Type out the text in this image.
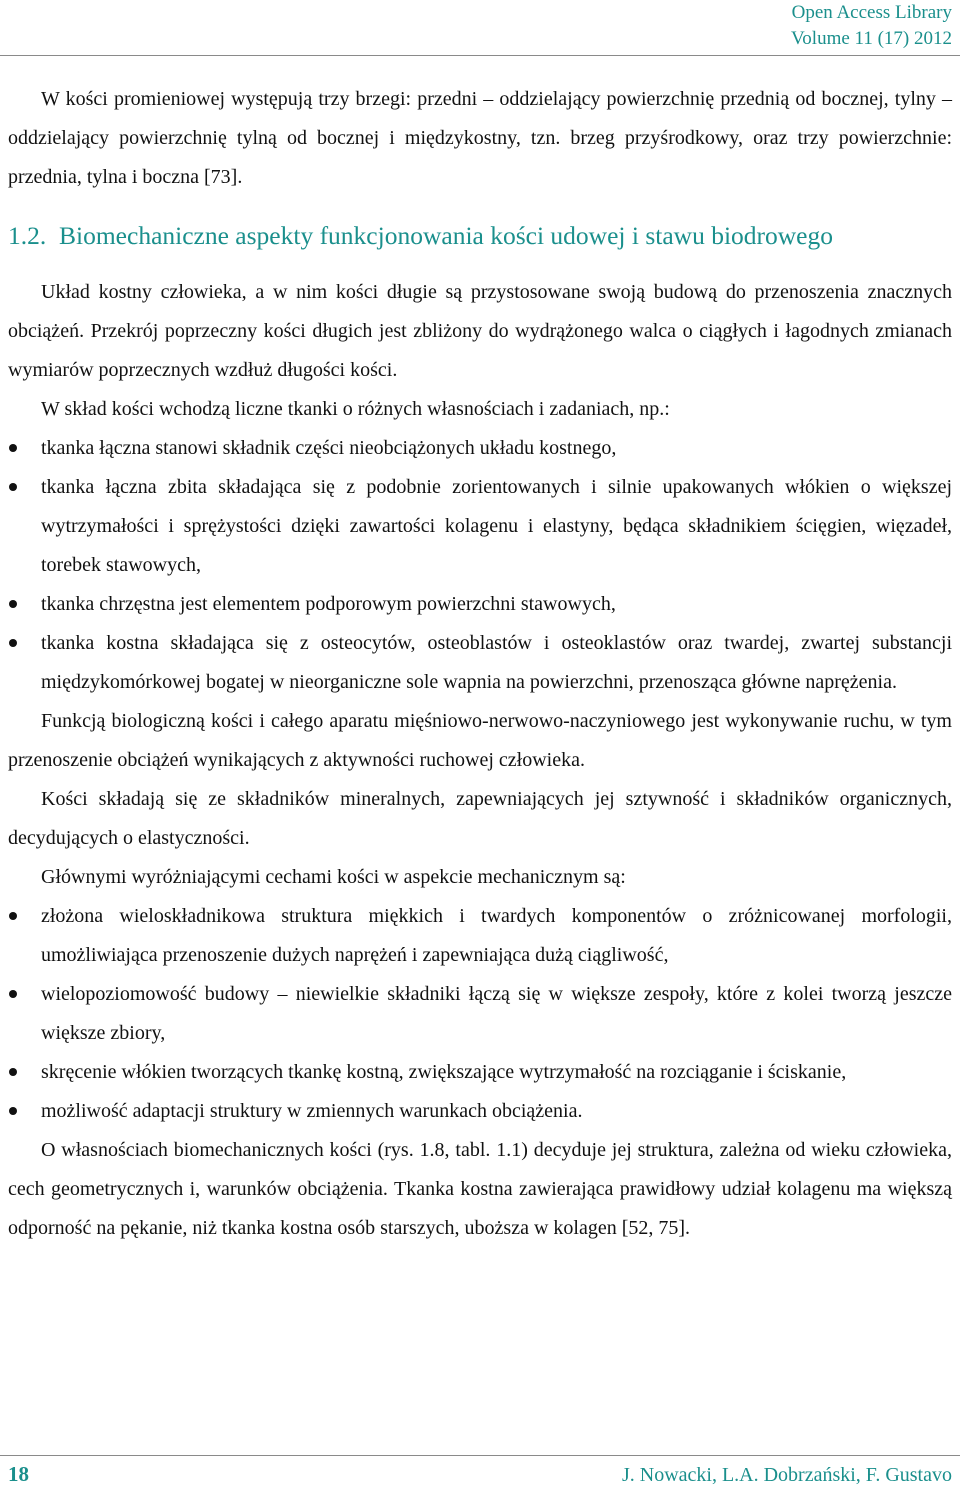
Open Access Library
Volume 11 (17) 2012

W kości promieniowej występują trzy brzegi: przedni – oddzielający powierzchnię przednią od bocznej, tylny – oddzielający powierzchnię tylną od bocznej i międzykostny, tzn. brzeg przyśrodkowy, oraz trzy powierzchnie: przednia, tylna i boczna [73].

1.2. Biomechaniczne aspekty funkcjonowania kości udowej i stawu biodrowego

Układ kostny człowieka, a w nim kości długie są przystosowane swoją budową do przenoszenia znacznych obciążeń. Przekrój poprzeczny kości długich jest zbliżony do wydrążonego walca o ciągłych i łagodnych zmianach wymiarów poprzecznych wzdłuż długości kości.

W skład kości wchodzą liczne tkanki o różnych własnościach i zadaniach, np.:

tkanka łączna stanowi składnik części nieobciążonych układu kostnego,
tkanka łączna zbita składająca się z podobnie zorientowanych i silnie upakowanych włókien o większej wytrzymałości i sprężystości dzięki zawartości kolagenu i elastyny, będąca składnikiem ścięgien, więzadeł, torebek stawowych,
tkanka chrzęstna jest elementem podporowym powierzchni stawowych,
tkanka kostna składająca się z osteocytów, osteoblastów i osteoklastów oraz twardej, zwartej substancji międzykomórkowej bogatej w nieorganiczne sole wapnia na powierzchni, przenosząca główne naprężenia.

Funkcją biologiczną kości i całego aparatu mięśniowo-nerwowo-naczyniowego jest wykonywanie ruchu, w tym przenoszenie obciążeń wynikających z aktywności ruchowej człowieka.

Kości składają się ze składników mineralnych, zapewniających jej sztywność i składników organicznych, decydujących o elastyczności.

Głównymi wyróżniającymi cechami kości w aspekcie mechanicznym są:

złożona wieloskładnikowa struktura miękkich i twardych komponentów o zróżnicowanej morfologii, umożliwiająca przenoszenie dużych naprężeń i zapewniająca dużą ciągliwość,
wielopoziomowość budowy – niewielkie składniki łączą się w większe zespoły, które z kolei tworzą jeszcze większe zbiory,
skręcenie włókien tworzących tkankę kostną, zwiększające wytrzymałość na rozciąganie i ściskanie,
możliwość adaptacji struktury w zmiennych warunkach obciążenia.

O własnościach biomechanicznych kości (rys. 1.8, tabl. 1.1) decyduje jej struktura, zależna od wieku człowieka, cech geometrycznych i, warunków obciążenia. Tkanka kostna zawierająca prawidłowy udział kolagenu ma większą odporność na pękanie, niż tkanka kostna osób starszych, uboższa w kolagen [52, 75].

18	J. Nowacki, L.A. Dobrzański, F. Gustavo
